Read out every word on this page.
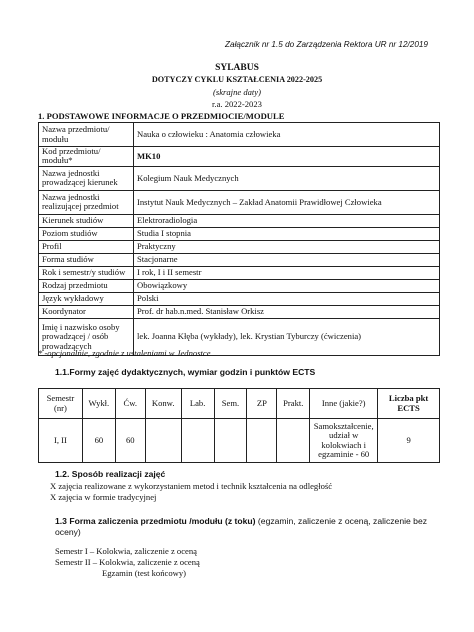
Załącznik nr 1.5 do Zarządzenia Rektora UR nr 12/2019
SYLABUS
DOTYCZY CYKLU KSZTAŁCENIA 2022-2025
(skrajne daty)
r.a. 2022-2023
1. PODSTAWOWE INFORMACJE O PRZEDMIOCIE/MODULE
Nazwa przedmiotu/ modułu	Nauka o człowieku : Anatomia człowieka
Kod przedmiotu/ modułu*	MK10
Nazwa jednostki prowadzącej kierunek	Kolegium Nauk Medycznych
Nazwa jednostki realizującej przedmiot	Instytut Nauk Medycznych – Zakład Anatomii Prawidłowej Człowieka
Kierunek studiów	Elektroradiologia
Poziom studiów	Studia I stopnia
Profil	Praktyczny
Forma studiów	Stacjonarne
Rok i semestr/y studiów	I rok, I i II semestr
Rodzaj przedmiotu	Obowiązkowy
Język wykładowy	Polski
Koordynator	Prof. dr hab.n.med. Stanisław Orkisz
Imię i nazwisko osoby prowadzącej / osób prowadzących	lek. Joanna Kłęba (wykłady), lek. Krystian Tyburczy (ćwiczenia)
* -opcjonalnie, zgodnie z ustaleniami w Jednostce
1.1.Formy zajęć dydaktycznych, wymiar godzin i punktów ECTS
Semestr (nr)	Wykł.	Ćw.	Konw.	Lab.	Sem.	ZP	Prakt.	Inne (jakie?)	Liczba pkt ECTS
I, II	60	60						Samokształcenie, udział w kolokwiach i egzaminie - 60	9
1.2. Sposób realizacji zajęć
X zajęcia realizowane z wykorzystaniem metod i technik kształcenia na odległość
X zajęcia w formie tradycyjnej
1.3 Forma zaliczenia przedmiotu /modułu (z toku) (egzamin, zaliczenie z oceną, zaliczenie bez oceny)
Semestr I – Kolokwia, zaliczenie z oceną
Semestr II – Kolokwia, zaliczenie z oceną
Egzamin (test końcowy)
